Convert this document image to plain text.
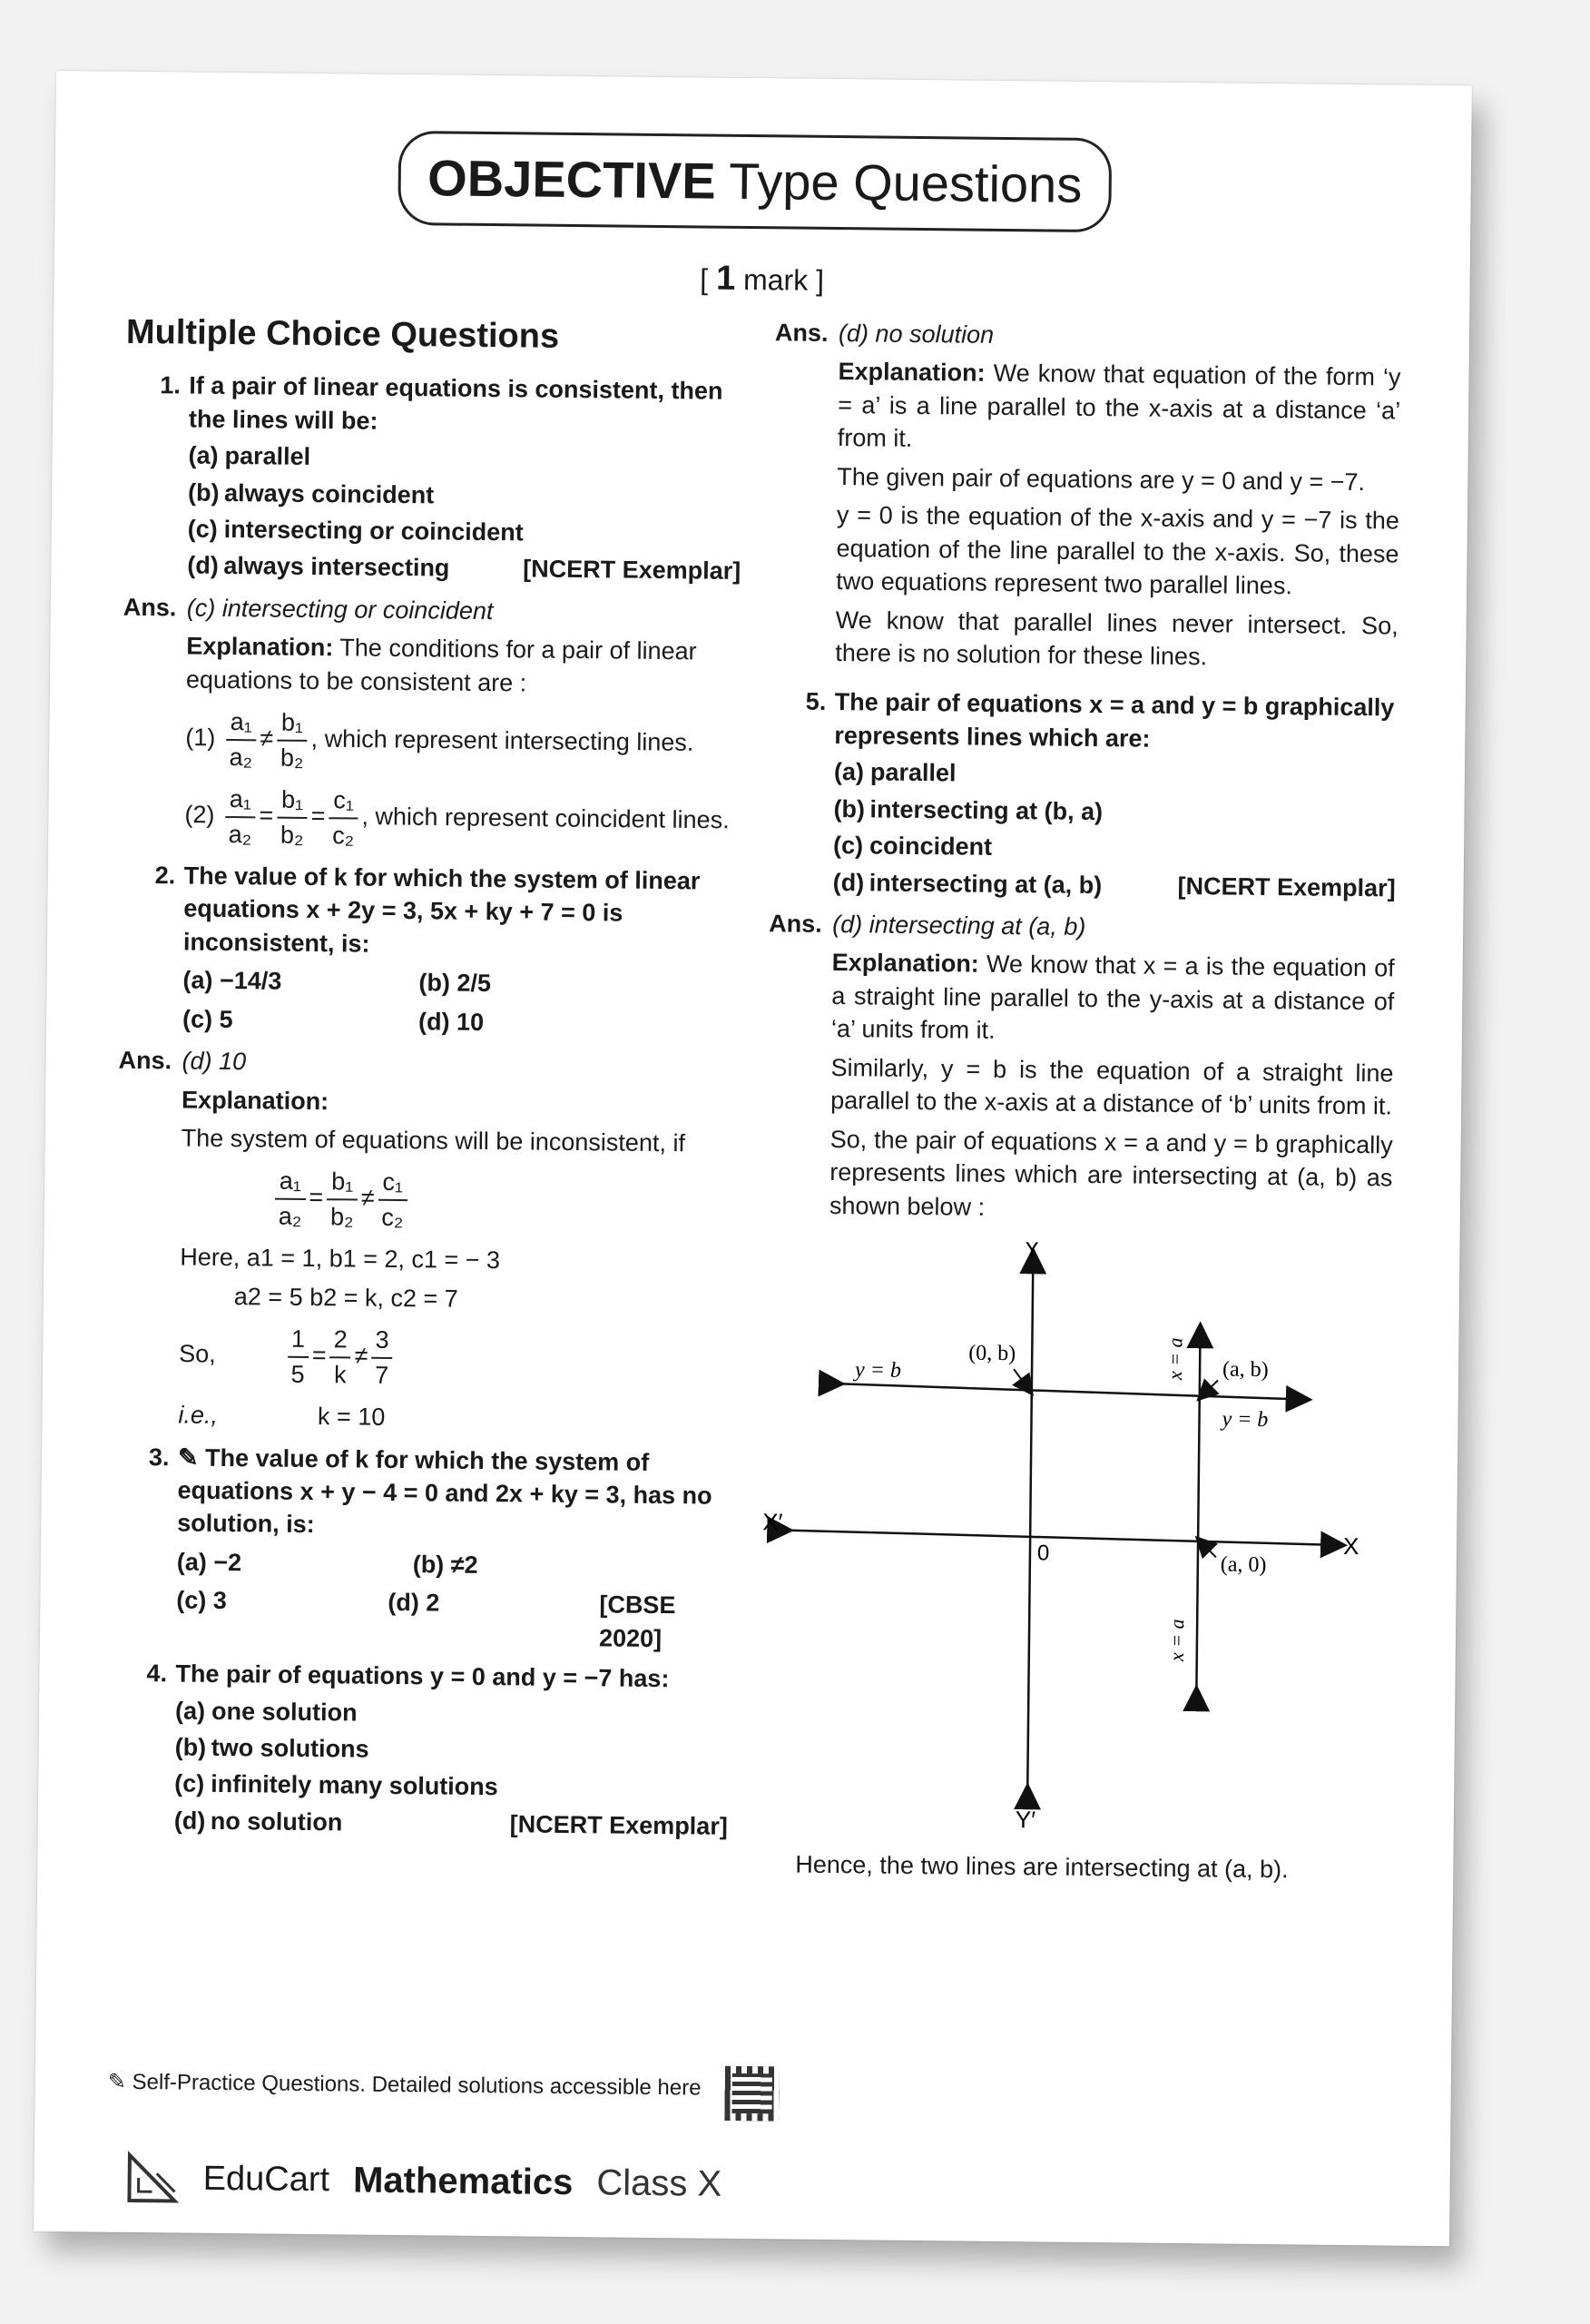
OBJECTIVE Type Questions
[ 1 mark ]
Multiple Choice Questions
1. If a pair of linear equations is consistent, then the lines will be:
(a) parallel
(b) always coincident
(c) intersecting or coincident
(d) always intersecting	[NCERT Exemplar]
Ans. (c) intersecting or coincident
Explanation: The conditions for a pair of linear equations to be consistent are :
$(1) \frac{\text{a₁}}{\text{a₂}} \ne \frac{\text{b₁}}{\text{b₂}}$ , which represent intersecting lines.
$(2) \frac{\text{a₁}}{\text{a₂}} = \frac{\text{b₁}}{\text{b₂}} = \frac{\text{c₁}}{\text{c₂}}$ , which represent coincident lines.
2. The value of k for which the system of linear equations x + 2y = 3, 5x + ky + 7 = 0 is inconsistent, is:
(a) −14/3	(b) 2/5
(c) 5	(d) 10
Ans. (d) 10
Explanation:
The system of equations will be inconsistent, if
$\frac{\text{a₁}}{\text{a₂}} = \frac{\text{b₁}}{\text{b₂}} \ne \frac{\text{c₁}}{\text{c₂}}$
Here, a1 = 1, b1 = 2, c1 = − 3
a2 = 5 b2 = k, c2 = 7
So,	$\frac{1}{5} = \frac{2}{k} \ne \frac{3}{7}$
i.e.,	k = 10
3. ✎ The value of k for which the system of equations x + y − 4 = 0 and 2x + ky = 3, has no solution, is:
(a) −2	(b) ≠2
(c) 3	(d) 2	[CBSE 2020]
4. The pair of equations y = 0 and y = −7 has:
(a) one solution
(b) two solutions
(c) infinitely many solutions
(d) no solution	[NCERT Exemplar]
Ans. (d) no solution
Explanation: We know that equation of the form ‘y = a’ is a line parallel to the x-axis at a distance ‘a’ from it.
The given pair of equations are y = 0 and y = −7.
y = 0 is the equation of the x-axis and y = −7 is the equation of the line parallel to the x-axis. So, these two equations represent two parallel lines.
We know that parallel lines never intersect. So, there is no solution for these lines.
5. The pair of equations x = a and y = b graphically represents lines which are:
(a) parallel
(b) intersecting at (b, a)
(c) coincident
(d) intersecting at (a, b)	[NCERT Exemplar]
Ans. (d) intersecting at (a, b)
Explanation: We know that x = a is the equation of a straight line parallel to the y-axis at a distance of ‘a’ units from it.
Similarly, y = b is the equation of a straight line parallel to the x-axis at a distance of ‘b’ units from it.
So, the pair of equations x = a and y = b graphically represents lines which are intersecting at (a, b) as shown below :
Y
Y′
X′
X
0
y = b
(0, b)	x = a (a, b)
y = b
(a, 0)
x = a
Hence, the two lines are intersecting at (a, b).
✎ Self-Practice Questions. Detailed solutions accessible here
EduCart Mathematics Class X
